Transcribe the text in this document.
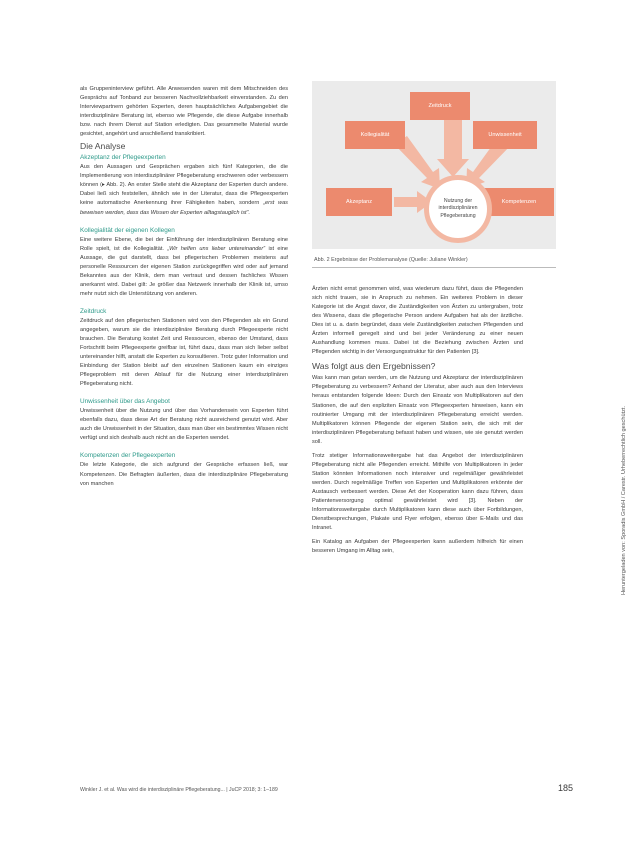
als Gruppeninterview geführt. Alle Anwesenden waren mit dem Mitschneiden des Gesprächs auf Tonband zur besseren Nachvollziehbarkeit einverstanden. Zu den Interviewpartnern gehörten Experten, deren hauptsächliches Aufgabengebiet die interdisziplinäre Beratung ist, ebenso wie Pflegende, die diese Aufgabe innerhalb bzw. nach ihrem Dienst auf Station erledigten. Das gesammelte Material wurde gesichtet, angehört und anschließend transkribiert.

Die Analyse
Akzeptanz der Pflegeexperten

Aus den Aussagen und Gesprächen ergaben sich fünf Kategorien, die die Implementierung von interdisziplinärer Pflegeberatung erschweren oder verbessern können (▸ Abb. 2). An erster Stelle steht die Akzeptanz der Experten durch andere. Dabei ließ sich feststellen, ähnlich wie in der Literatur, dass die Pflegeexperten keine automatische Anerkennung ihrer Fähigkeiten haben, sondern „erst was beweisen werden, dass das Wissen der Experten alltagstauglich ist“.

Kollegialität der eigenen Kollegen

Eine weitere Ebene, die bei der Einführung der interdisziplinären Beratung eine Rolle spielt, ist die Kollegialität. „Wir helfen uns lieber untereinander“ ist eine Aussage, die gut darstellt, dass bei pflegerischen Problemen meistens auf personelle Ressourcen der eigenen Station zurückgegriffen wird oder auf jemand Bekanntes aus der Klinik, dem man vertraut und dessen fachliches Wissen anerkannt wird. Dabei gilt: Je größer das Netzwerk innerhalb der Klinik ist, umso mehr nutzt sich die Unterstützung von anderen.

Zeitdruck

Zeitdruck auf den pflegerischen Stationen wird von den Pflegenden als ein Grund angegeben, warum sie die interdisziplinäre Beratung durch Pflegeexperte nicht brauchen. Die Beratung kostet Zeit und Ressourcen, ebenso der Umstand, dass Fortschritt beim Pflegeexperte greifbar ist, führt dazu, dass man sich lieber selbst untereinander hilft, anstatt die Experten zu konsultieren. Trotz guter Information und Einbindung der Station bleibt auf den einzelnen Stationen kaum ein einziges Pflegeproblem mit deren Ablauf für die Nutzung einer interdisziplinären Pflegeberatung nicht.

Unwissenheit über das Angebot

Unwissenheit über die Nutzung und über das Vorhandensein von Experten führt ebenfalls dazu, dass diese Art der Beratung nicht ausreichend genutzt wird. Aber auch die Unwissenheit in der Situation, dass man über ein bestimmtes Wissen nicht verfügt und sich deshalb auch nicht an die Experten wendet.

Kompetenzen der Pflegeexperten

Die letzte Kategorie, die sich aufgrund der Gespräche erfassen ließ, war Kompetenzen. Die Befragten äußerten, dass die interdisziplinäre Pflegeberatung von manchen

Zeitdruck
Kollegialität	Unwissenheit
Akzeptanz	Kompetenzen
Nutzung der
interdisziplinären
Pflegeberatung
Abb. 2 Ergebnisse der Problemanalyse (Quelle: Juliane Winkler)

Ärzten nicht ernst genommen wird, was wiederum dazu führt, dass die Pflegenden sich nicht trauen, sie in Anspruch zu nehmen. Ein weiteres Problem in dieser Kategorie ist die Angst davor, die Zuständigkeiten von Ärzten zu untergraben, trotz des Wissens, dass die pflegerische Person andere Aufgaben hat als der ärztliche. Dies ist u. a. darin begründet, dass viele Zuständigkeiten zwischen Pflegenden und Ärzten informell geregelt sind und bei jeder Veränderung zu einer neuen Aushandlung kommen muss. Dabei ist die Beziehung zwischen Ärzten und Pflegenden wichtig in der Versorgungsstruktur für den Patienten [3].

Was folgt aus den Ergebnissen?

Was kann man getan werden, um die Nutzung und Akzeptanz der interdisziplinären Pflegeberatung zu verbessern? Anhand der Literatur, aber auch aus den Interviews heraus entstanden folgende Ideen: Durch den Einsatz von Multiplikatoren auf den Stationen, die auf den expliziten Einsatz von Pflegeexperten hinweisen, kann ein routinierter Umgang mit der interdisziplinären Pflegeberatung erreicht werden. Multiplikatoren können Pflegende der eigenen Station sein, die sich mit der interdisziplinären Pflegeberatung befasst haben und wissen, wie sie genutzt werden soll.

Trotz stetiger Informationsweitergabe hat das Angebot der interdisziplinären Pflegeberatung nicht alle Pflegenden erreicht. Mithilfe von Multiplikatoren in jeder Station könnten Informationen noch intensiver und regelmäßiger gewährleistet werden. Durch regelmäßige Treffen von Experten und Multiplikatoren erkönnte der Austausch verbessert werden. Diese Art der Kooperation kann dazu führen, dass Patientenversorgung optimal gewährleistet wird [3]. Neben der Informationsweitergabe durch Multiplikatoren kann diese auch über Fortbildungen, Dienstbesprechungen, Plakate und Flyer erfolgen, ebenso über E-Mails und das Intranet.

Ein Katalog an Aufgaben der Pflegeexperten kann außerdem hilfreich für einen besseren Umgang im Alltag sein,	Heruntergeladen von: Sporadis GmbH / Carestr. Urheberrechtlich geschützt.
Winkler J. et al. Was wird die interdisziplinäre Pflegeberatung... | JuCP 2018; 3: 1–189	185
